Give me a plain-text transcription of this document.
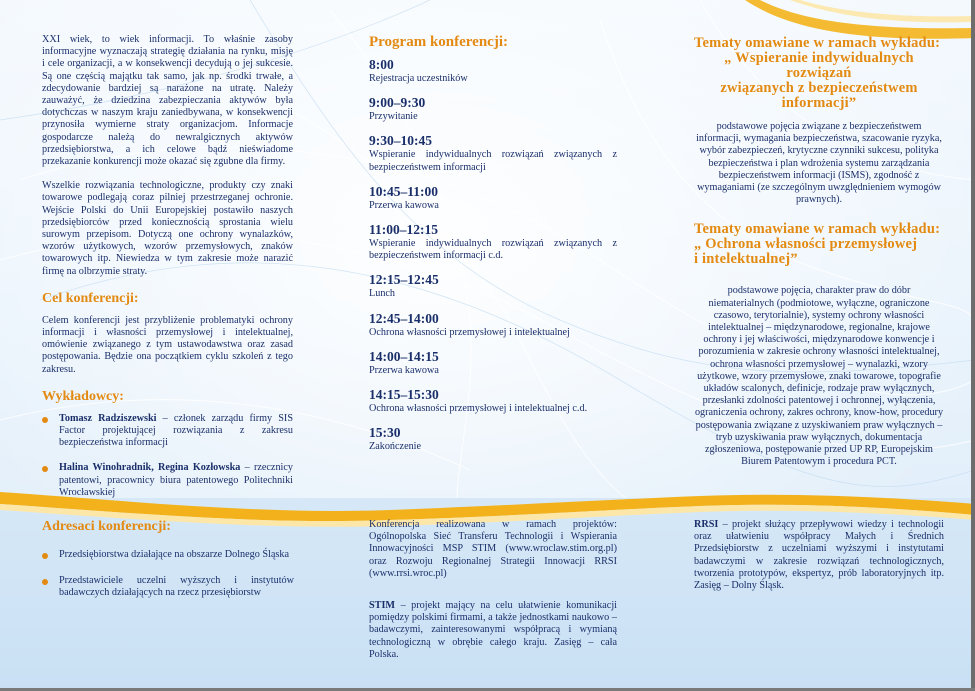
XXI wiek, to wiek informacji. To właśnie zasoby informacyjne wyznaczają strategię działania na rynku, misję i cele organizacji, a w konsekwencji decydują o jej sukcesie. Są one częścią majątku tak samo, jak np. środki trwałe, a zdecydowanie bardziej są narażone na utratę. Należy zauważyć, że dziedzina zabezpieczania aktywów była dotychczas w naszym kraju zaniedbywana, w konsekwencji przynosiła wymierne straty organizacjom. Informacje gospodarcze należą do newralgicznych aktywów przedsiębiorstwa, a ich celowe bądź nieświadome przekazanie konkurencji może okazać się zgubne dla firmy.

Wszelkie rozwiązania technologiczne, produkty czy znaki towarowe podlegają coraz pilniej przestrzeganej ochronie. Wejście Polski do Unii Europejskiej postawiło naszych przedsiębiorców przed koniecznością sprostania wielu surowym przepisom. Dotyczą one ochrony wynalazków, wzorów użytkowych, wzorów przemysłowych, znaków towarowych itp. Niewiedza w tym zakresie może narazić firmę na olbrzymie straty.

Cel konferencji:

Celem konferencji jest przybliżenie problematyki ochrony informacji i własności przemysłowej i intelektualnej, omówienie związanego z tym ustawodawstwa oraz zasad postępowania. Będzie ona początkiem cyklu szkoleń z tego zakresu.

Wykładowcy:
Tomasz Radziszewski – członek zarządu firmy SIS Factor projektującej rozwiązania z zakresu bezpieczeństwa informacji
Halina Winohradnik, Regina Kozłowska – rzecznicy patentowi, pracownicy biura patentowego Politechniki Wrocławskiej
Program konferencji:
8:00
Rejestracja uczestników
9:00–9:30
Przywitanie
9:30–10:45
Wspieranie indywidualnych rozwiązań związanych z bezpieczeństwem informacji
10:45–11:00
Przerwa kawowa
11:00–12:15
Wspieranie indywidualnych rozwiązań związanych z bezpieczeństwem informacji c.d.
12:15–12:45
Lunch
12:45–14:00
Ochrona własności przemysłowej i intelektualnej
14:00–14:15
Przerwa kawowa
14:15–15:30
Ochrona własności przemysłowej i intelektualnej c.d.
15:30
Zakończenie
Tematy omawiane w ramach wykładu:
„ Wspieranie indywidualnych rozwiązań
związanych z bezpieczeństwem informacji”

podstawowe pojęcia związane z bezpieczeństwem informacji, wymagania bezpieczeństwa, szacowanie ryzyka, wybór zabezpieczeń, krytyczne czynniki sukcesu, polityka bezpieczeństwa i plan wdrożenia systemu zarządzania bezpieczeństwem informacji (ISMS), zgodność z wymaganiami (ze szczególnym uwzględnieniem wymogów prawnych).

Tematy omawiane w ramach wykładu:
„ Ochrona własności przemysłowej
i intelektualnej”

podstawowe pojęcia, charakter praw do dóbr niematerialnych (podmiotowe, wyłączne, ograniczone czasowo, terytorialnie), systemy ochrony własności intelektualnej – międzynarodowe, regionalne, krajowe ochrony i jej właściwości, międzynarodowe konwencje i porozumienia w zakresie ochrony własności intelektualnej, ochrona własności przemysłowej – wynalazki, wzory użytkowe, wzory przemysłowe, znaki towarowe, topografie układów scalonych, definicje, rodzaje praw wyłącznych, przesłanki zdolności patentowej i ochronnej, wyłączenia, ograniczenia ochrony, zakres ochrony, know-how, procedury postępowania związane z uzyskiwaniem praw wyłącznych – tryb uzyskiwania praw wyłącznych, dokumentacja zgłoszeniowa, postępowanie przed UP RP, Europejskim Biurem Patentowym i procedura PCT.

Adresaci konferencji:
Przedsiębiorstwa działające na obszarze Dolnego Śląska
Przedstawiciele uczelni wyższych i instytutów badawczych działających na rzecz przesiębiorstw

Konferencja realizowana w ramach projektów: Ogólnopolska Sieć Transferu Technologii i Wspierania Innowacyjności MSP STIM (www.wroclaw.stim.org.pl) oraz Rozwoju Regionalnej Strategii Innowacji RRSI (www.rrsi.wroc.pl)

STIM – projekt mający na celu ułatwienie komunikacji pomiędzy polskimi firmami, a także jednostkami naukowo – badawczymi, zainteresowanymi współpracą i wymianą technologiczną w obrębie całego kraju. Zasięg – cała Polska.

RRSI – projekt służący przepływowi wiedzy i technologii oraz ułatwieniu współpracy Małych i Średnich Przedsiębiorstw z uczelniami wyższymi i instytutami badawczymi w zakresie rozwiązań technologicznych, tworzenia prototypów, ekspertyz, prób laboratoryjnych itp. Zasięg – Dolny Śląsk.
